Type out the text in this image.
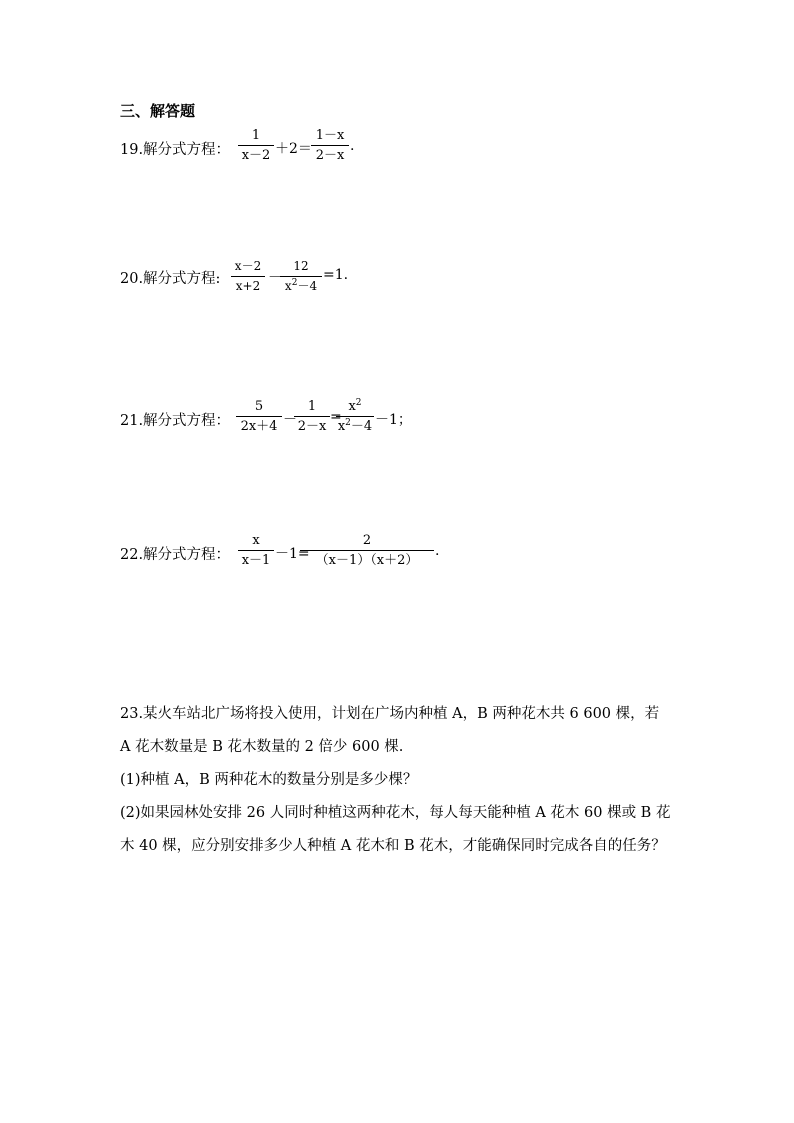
三、解答题
19.解分式方程：
1
x－2 ＋2＝
1－x
2－x
.
20.解分式方程:
x－2
x+2 －
12
$x^2-4$
=1.
21.解分式方程：
5
2x＋4 －
1
2－x
=
$x^2$
$x^2-4 -1$；
22.解分式方程：
x
x－1 －1=
2
（x－1）（x＋2）
.
23.某火车站北广场将投入使用，计划在广场内种植 A，B 两种花木共 6 600 棵，若
A 花木数量是 B 花木数量的 2 倍少 600 棵.
(1)种植 A，B 两种花木的数量分别是多少棵？
(2)如果园林处安排 26 人同时种植这两种花木，每人每天能种植 A 花木 60 棵或 B 花
木 40 棵，应分别安排多少人种植 A 花木和 B 花木，才能确保同时完成各自的任务？
